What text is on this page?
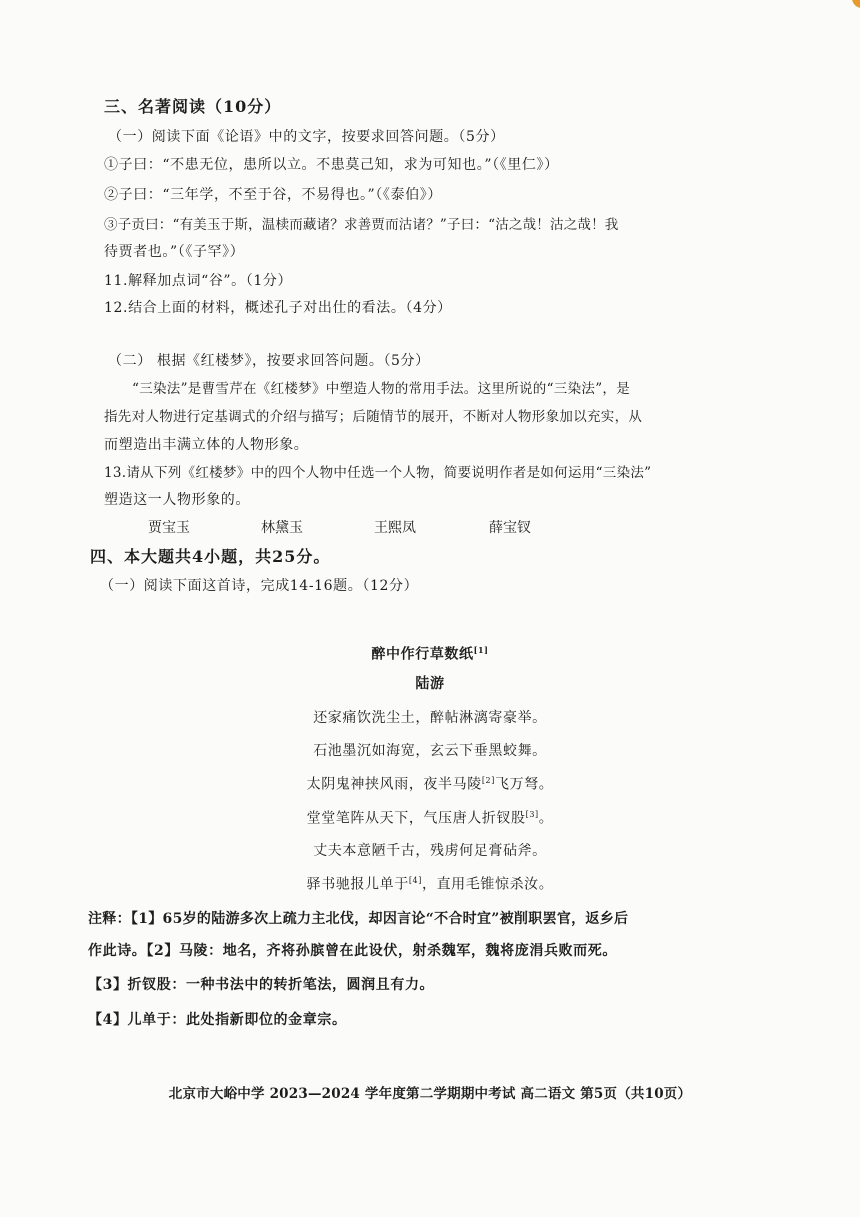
三、名著阅读（10分）
（一）阅读下面《论语》中的文字，按要求回答问题。（5分）
①子曰：“不患无位，患所以立。不患莫己知，求为可知也。”（《里仁》）
②子曰：“三年学，不至于谷，不易得也。”（《泰伯》）
③子贡曰：“有美玉于斯，温椟而藏诸？求善贾而沽诸？”子曰：“沽之哉！沽之哉！我
待贾者也。”（《子罕》）
11.解释加点词“谷”。（1分）
12.结合上面的材料，概述孔子对出仕的看法。（4分）
（二） 根据《红楼梦》，按要求回答问题。（5分）
“三染法”是曹雪芹在《红楼梦》中塑造人物的常用手法。这里所说的“三染法”，是
指先对人物进行定基调式的介绍与描写；后随情节的展开，不断对人物形象加以充实，从
而塑造出丰满立体的人物形象。
13.请从下列《红楼梦》中的四个人物中任选一个人物，简要说明作者是如何运用“三染法”
塑造这一人物形象的。
贾宝玉	林黛玉	王熙凤	薛宝钗
四、本大题共4小题，共25分。
（一）阅读下面这首诗，完成14-16题。（12分）
醉中作行草数纸[1]
陆游
还家痛饮洗尘土，醉帖淋漓寄豪举。
石池墨沉如海宽，玄云下垂黑蛟舞。
太阴鬼神挟风雨，夜半马陵[2]飞万弩。
堂堂笔阵从天下，气压唐人折钗股[3]。
丈夫本意陋千古，残虏何足膏砧斧。
驿书驰报儿单于[4]，直用毛锥惊杀汝。
注释：【1】65岁的陆游多次上疏力主北伐，却因言论“不合时宜”被削职罢官，返乡后
作此诗。【2】马陵：地名，齐将孙膑曾在此设伏，射杀魏军，魏将庞涓兵败而死。
【3】折钗股：一种书法中的转折笔法，圆润且有力。
【4】儿单于：此处指新即位的金章宗。
北京市大峪中学 2023—2024 学年度第二学期期中考试 高二语文 第5页（共10页）
